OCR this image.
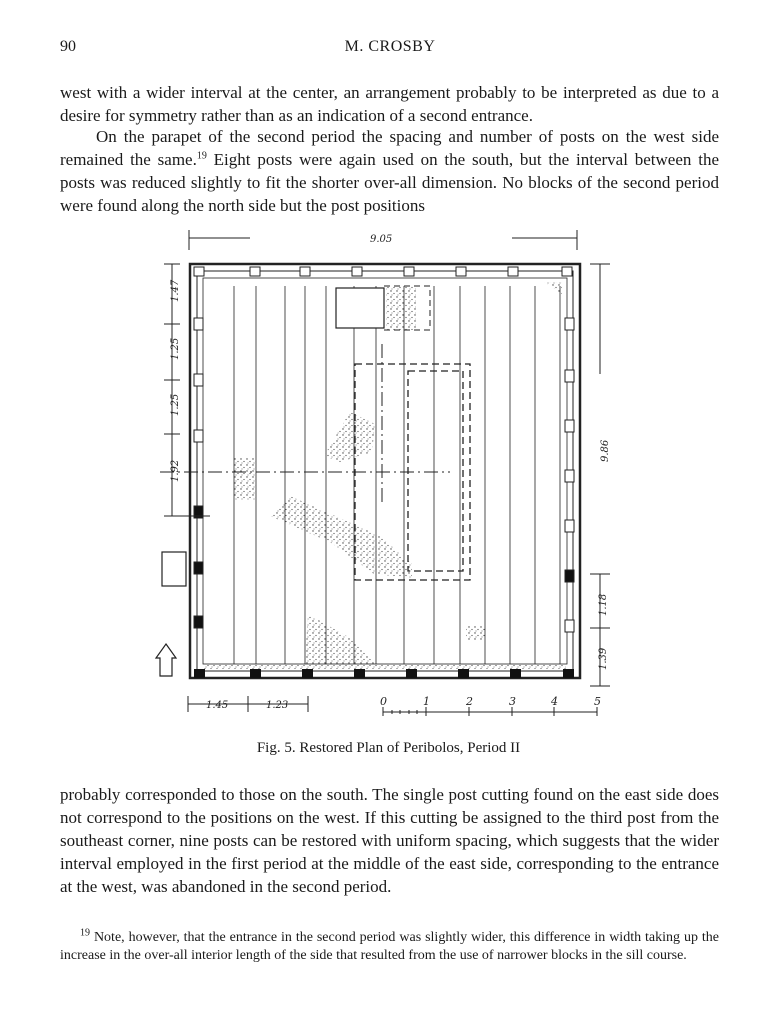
90	M. CROSBY

west with a wider interval at the center, an arrangement probably to be interpreted as due to a desire for symmetry rather than as an indication of a second entrance.

On the parapet of the second period the spacing and number of posts on the west side remained the same.$^{19}$ Eight posts were again used on the south, but the interval between the posts was reduced slightly to fit the shorter over-all dimension. No blocks of the second period were found along the north side but the post positions

9.05
1.47
1.25
1.25
1.92
9.86
1.18
1.39
1.45	1.23	0	1	2	3	4	5
Fig. 5. Restored Plan of Peribolos, Period II

probably corresponded to those on the south. The single post cutting found on the east side does not correspond to the positions on the west. If this cutting be assigned to the third post from the southeast corner, nine posts can be restored with uniform spacing, which suggests that the wider interval employed in the first period at the middle of the east side, corresponding to the entrance at the west, was abandoned in the second period.

$^{19}$ Note, however, that the entrance in the second period was slightly wider, this difference in width taking up the increase in the over-all interior length of the side that resulted from the use of narrower blocks in the sill course.
